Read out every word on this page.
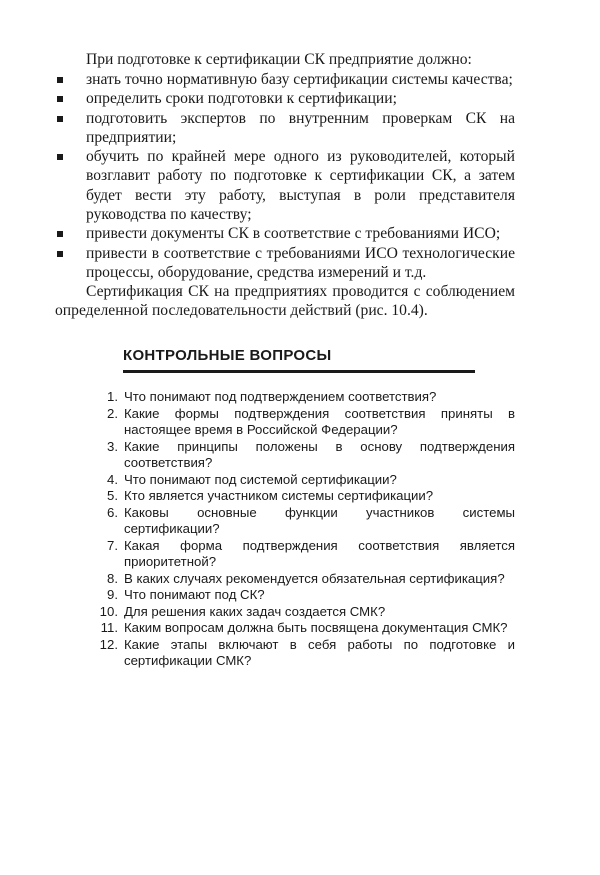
При подготовке к сертификации СК предприятие должно:
знать точно нормативную базу сертификации системы качества;
определить сроки подготовки к сертификации;
подготовить экспертов по внутренним проверкам СК на предприятии;
обучить по крайней мере одного из руководителей, который возглавит работу по подготовке к сертификации СК, а затем будет вести эту работу, выступая в роли представителя руководства по качеству;
привести документы СК в соответствие с требованиями ИСО;
привести в соответствие с требованиями ИСО технологические процессы, оборудование, средства измерений и т.д.
Сертификация СК на предприятиях проводится с соблюдением определенной последовательности действий (рис. 10.4).
КОНТРОЛЬНЫЕ ВОПРОСЫ
1. Что понимают под подтверждением соответствия?
2. Какие формы подтверждения соответствия приняты в настоящее время в Российской Федерации?
3. Какие принципы положены в основу подтверждения соответствия?
4. Что понимают под системой сертификации?
5. Кто является участником системы сертификации?
6. Каковы основные функции участников системы сертификации?
7. Какая форма подтверждения соответствия является приоритетной?
8. В каких случаях рекомендуется обязательная сертификация?
9. Что понимают под СК?
10. Для решения каких задач создается СМК?
11. Каким вопросам должна быть посвящена документация СМК?
12. Какие этапы включают в себя работы по подготовке и сертификации СМК?
